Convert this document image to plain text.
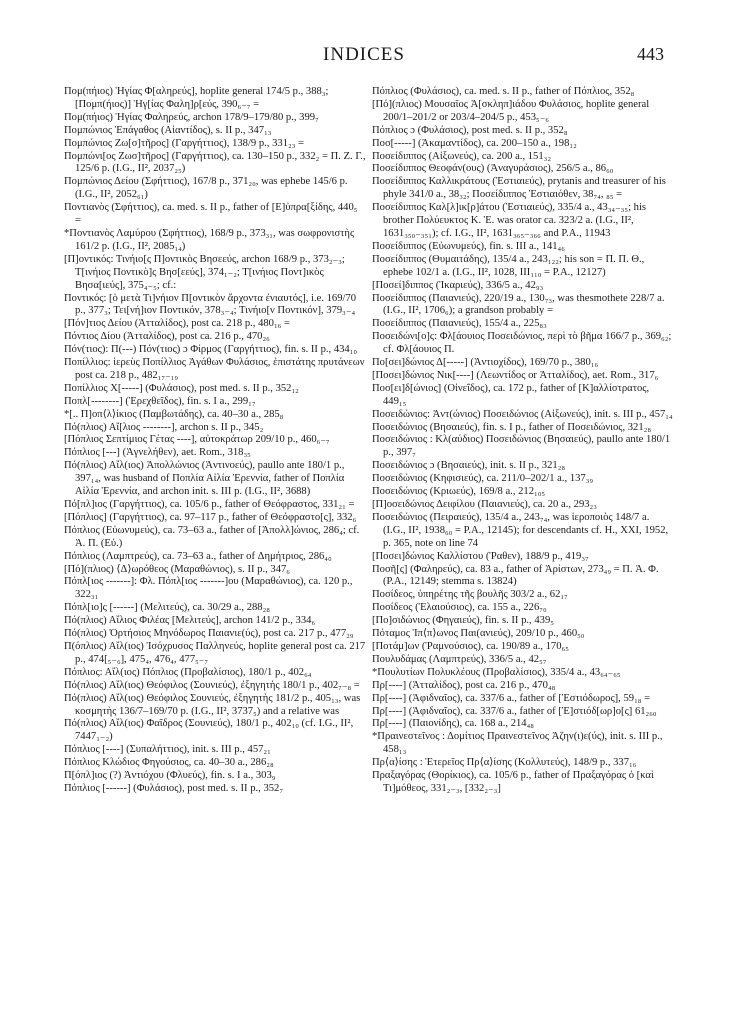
INDICES	443

Πομ(πήιος) Ἡγίας Φ[αληρεύς], hoplite general 174/5 p., 388₃; [Πομπ(ήιος)] Ἡγ[ίας Φαλη]ρ[εύς, 390₆₋₇ =

Πομ(πήιος) Ἡγίας Φαληρεύς, archon 178/9–179/80 p., 399₇

Πομπώνιος Ἐπάγαθος (Αἰαντίδος), s. II p., 347₁₃

Πομπώνιος Ζω[σ]τῆρος] (Γαργήττιος), 138/9 p., 331₂₃ =

Πομπώνι[ος Ζωσ]τῆρος] (Γαργήττιος), ca. 130–150 p., 332₂ = Π. Ζ. Γ., 125/6 p. (I.G., II², 2037₂₅)

Πομπώνιος Δείου (Σφήττιος), 167/8 p., 371₂₀, was ephebe 145/6 p. (I.G., II², 2052₆₁)

Ποντιανὸς (Σφήττιος), ca. med. s. II p., father of [Ε]ὐπρα[ξίδης, 440₅ =

*Ποντιανὸς Λαμύρου (Σφήττιος), 168/9 p., 373₃₁, was σωφρονιστὴς 161/2 p. (I.G., II², 2085₁₄)

[Π]οντικός: Τινήιο[ς Π]οντικὸς Βησεεύς, archon 168/9 p., 373₂₋₃; Τ[ινήιος Ποντικὸ]ς Βησ[εεύς], 374₁₋₂; Τ[ινήιος Ποντ]ικὸς Βησα[ιεύς], 375₄₋₅; cf.:

Ποντικός: [ὁ μετὰ Τι]νήιον Π[οντικὸν ἄρχοντα ἐνιαυτός], i.e. 169/70 p., 377₃; Τει[νή]ιον Ποντικόν, 378₃₋₄; Τινήιο[ν Ποντικόν], 379₃₋₄

[Πόν]τιος Δείου (Ἀτταλίδος), post ca. 218 p., 480₁₆ =

Πόντιος Δίου (Ἀτταλίδος), post ca. 216 p., 470₂₆

Πόν(τιος): Π(---) Πόν(τιος) ɔ Φίρμος (Γαργήττιος), fin. s. II p., 434₁₀

Ποπίλλιος: ἱερεὺς Ποπίλλιος Ἀγάθων Φυλάσιος, ἐπιστάτης πρυτάνεων post ca. 218 p., 482₁₇₋₁₉

Ποπίλλιος Χ[-----] (Φυλάσιος), post med. s. II p., 352₁₂

Ποπλ[--------] (Ἐρεχθεῖδος), fin. s. I a., 299₁₇

*[.. Π]οπ⟨λ⟩ίκιος (Παμβωτάδης), ca. 40–30 a., 285₈

Πό(πλιος) Αἴ[λιος --------], archon s. II p., 345₂

[Πόπλιος Σεπτίμιος Γέτας ----], αὐτοκράτωρ 209/10 p., 460₆₋₇

Πόπλιος [---] (Ἀγνελήθεν), aet. Rom., 318₃₅

Πό(πλιος) Αἴλ(ιος) Ἀπολλώνιος (Ἀντινοεύς), paullo ante 180/1 p., 397₁₄, was husband of Ποπλία Αἰλία Ἐρεννία, father of Ποπλία Αἰλία Ἐρεννία, and archon init. s. III p. (I.G., II², 3688)

Πό[πλ]ιος (Γαργήττιος), ca. 105/6 p., father of Θεόφραστος, 331₂₁ =

[Πόπλιος] (Γαργήττιος), ca. 97–117 p., father of Θεόφραστο[ς], 332₆

Πόπλιος (Εὐωνυμεύς), ca. 73–63 a., father of [Ἀπολλ]ώνιος, 286₄; cf. Ἀ. Π. (Εὐ.)

Πόπλιος (Λαμπτρεύς), ca. 73–63 a., father of Δημήτριος, 286₄₀

[Πό](πλιος) ⟨Δ⟩ωρόθεος (Μαραθώνιος), s. II p., 347₆

Πόπλ[ιος -------]: Φλ. Πόπλ[ιος -------]ου (Μαραθώνιος), ca. 120 p., 322₃₁

Πόπλ[ιο]ς [------] (Μελιτεύς), ca. 30/29 a., 288₂₈

Πό(πλιος) Αἴλιος Φιλέας [Μελιτεύς], archon 141/2 p., 334₆

Πό(πλιος) Ὀρτήσιος Μηνόδωρος Παιανιε(ύς), post ca. 217 p., 477₂₉

Π(όπλιος) Αἴλ(ιος) Ἰσόχρυσος Παλληνεύς, hoplite general post ca. 217 p., 474[₅₋₆], 475₄, 476₄, 477₅₋₇

Πόπλιος: Αἴλ(ιος) Πόπλιος (Προβαλίσιος), 180/1 p., 402₆₄

Πό(πλιος) Αἴλ(ιος) Θεόφιλος (Σουνιεύς), ἐξηγητὴς 180/1 p., 402₇₋₈ =

Πό(πλιος) Αἴλ(ιος) Θεόφιλος Σουνιεύς, ἐξηγητὴς 181/2 p., 405₁₃, was κοσμητὴς 136/7–169/70 p. (I.G., II², 3737₅) and a relative was

Πό(πλιος) Αἴλ(ιος) Φαῖδρος (Σουνιεύς), 180/1 p., 402₁₀ (cf. I.G., II², 7447₁₋₂)

Πόπλιος [----] (Συπαλήττιος), init. s. III p., 457₂₁

Πόπλιος Κλώδιος Φηγούσιος, ca. 40–30 a., 286₂₈

Π[όπλ]ιος (?) Ἀντιόχου (Φλυεύς), fin. s. I a., 303₉

Πόπλιος [------] (Φυλάσιος), post med. s. II p., 352₇

Πόπλιος (Φυλάσιος), ca. med. s. II p., father of Πόπλιος, 352₈

[Πό](πλιος) Μουσαῖος Ἀ[σκληπ]ιάδου Φυλάσιος, hoplite general 200/1–201/2 or 203/4–204/5 p., 453₅₋₆

Πόπλιος ɔ (Φυλάσιος), post med. s. II p., 352₈

Ποσ[-----] (Ἀκαμαντίδος), ca. 200–150 a., 198₁₂

Ποσείδιππος (Αἰξωνεύς), ca. 200 a., 151₃₂

Ποσείδιππος Θεοφάν(ους) (Ἀναγυράσιος), 256/5 a., 86₆₀

Ποσείδιππος Καλλικράτους (Ἑστιαιεύς), prytanis and treasurer of his phyle 341/0 a., 38₃₂; Ποσείδιππος Ἑστιαιόθεν, 38₇₄, ₈₅ =

Ποσείδιππος Καλ[λ]ικ[ρ]άτου (Ἑστιαιεύς), 335/4 a., 43₃₄₋₃₅; his brother Πολύευκτος Κ. Ἑ. was orator ca. 323/2 a. (I.G., II², 1631₃₅₀₋₃₅₁); cf. I.G., II², 1631₃₆₅₋₃₆₆ and P.A., 11943

Ποσείδιππος (Εὐωνυμεύς), fin. s. III a., 141₄₆

Ποσείδιππος (Θυμαιτάδης), 135/4 a., 243₁₂₂; his son = Π. Π. Θ., ephebe 102/1 a. (I.G., II², 1028, III₁₁₀ = P.A., 12127)

[Ποσεί]διππος (Ἰκαριεύς), 336/5 a., 42₉₃

Ποσείδιππος (Παιανιεύς), 220/19 a., 130₇₃, was thesmothete 228/7 a. (I.G., II², 1706₆); a grandson probably =

Ποσείδιππος (Παιανιεύς), 155/4 a., 225₈₃

Ποσειδώνι[ο]ς: Φλ[άουιος Ποσειδώνιος, περὶ τὸ βῆμα 166/7 p., 369₆₂; cf. Φλ[άουιος Π.

Πο[σει]δώνιος Δ[-----] (Ἀντιοχίδος), 169/70 p., 380₁₆

[Ποσει]δώνιος Νικ[----] (Λεωντίδος or Ἀτταλίδος), aet. Rom., 317₆

Ποσ[ει]δ[ώνιος] (Οἰνεΐδος), ca. 172 p., father of [Κ]αλλίστρατος, 449₁₅

Ποσειδώνιος: Ἀντ(ώνιος) Ποσειδώνιος (Αἰξωνεύς), init. s. III p., 457₁₄

Ποσειδώνιος (Βησαιεύς), fin. s. I p., father of Ποσειδώνιος, 321₂₈

Ποσειδώνιος : Κλ(αύδιος) Ποσειδώνιος (Βησαιεύς), paullo ante 180/1 p., 397₇

Ποσειδώνιος ɔ (Βησαιεύς), init. s. II p., 321₂₈

Ποσειδώνιος (Κηφισιεύς), ca. 211/0–202/1 a., 137₃₉

Ποσειδώνιος (Κριωεύς), 169/8 a., 212₁₀₅

[Π]οσειδώνιος Δειφίλου (Παιανιεύς), ca. 20 a., 293₂₃

Ποσειδώνιος (Πειραιεύς), 135/4 a., 243₇₄, was ἱεροποιὸς 148/7 a. (I.G., II², 1938₆₀ = P.A., 12145); for descendants cf. H., XXI, 1952, p. 365, note on line 74

[Ποσει]δώνιος Καλλίστου (Ῥαθεν), 188/9 p., 419₃₇

Ποσῆ[ς] (Φαληρεύς), ca. 83 a., father of Ἀρίστων, 273₄₉ = Π. Ἀ. Φ. (P.A., 12149; stemma s. 13824)

Ποσίδεος, ὑπηρέτης τῆς βουλῆς 303/2 a., 62₁₇

Ποσίδεος (Ἐλαιούσιος), ca. 155 a., 226₇₀

[Πο]σιδώνιος (Φηγαιεύς), fin. s. II p., 439₅

Πόταμος Ἱπ⟨π⟩ωνος Παι(ανιεύς), 209/10 p., 460₅₀

[Ποτάμ]ων (Ῥαμνούσιος), ca. 190/89 a., 170₆₅

Πουλυδάμας (Λαμπτρεύς), 336/5 a., 42₅₇

*Πουλυτίων Πολυκλέους (Προβαλίσιος), 335/4 a., 43₆₄₋₆₅

Πρ[----] (Ἀτταλίδος), post ca. 216 p., 470₄₈

Πρ[----] (Ἀφιδναῖος), ca. 337/6 a., father of [Ἐστιόδωρος], 59₁₈ =

Πρ[----] (Ἀφιδναῖος), ca. 337/6 a., father of [Ἐ]στιόδ[ωρ]ο[ς] 61₂₆₀

Πρ[----] (Παιονίδης), ca. 168 a., 214₄₈

*Πραινεστεῖνος : Δομίτιος Πραινεστεῖνος Ἀζην(ι)ε(ύς), init. s. III p., 458₁₃

Πρ⟨α⟩ίσης : Ἐτερεῖος Πρ⟨α⟩ίσης (Κολλυτεύς), 148/9 p., 337₁₆

Πραξαγόρας (Θορίκιος), ca. 105/6 p., father of Πραξαγόρας ὁ [καὶ Τι]μόθεος, 331₂₋₃, [332₂₋₃]
